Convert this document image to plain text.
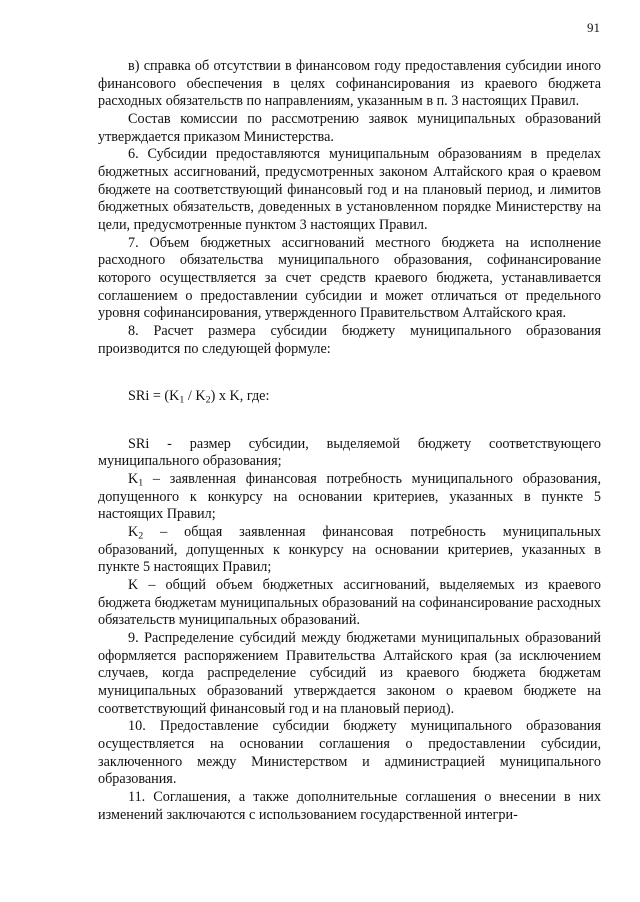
91

в) справка об отсутствии в финансовом году предоставления субсидии иного финансового обеспечения в целях софинансирования из краевого бюджета расходных обязательств по направлениям, указанным в п. 3 настоящих Правил.

Состав комиссии по рассмотрению заявок муниципальных образований утверждается приказом Министерства.

6. Субсидии предоставляются муниципальным образованиям в пределах бюджетных ассигнований, предусмотренных законом Алтайского края о краевом бюджете на соответствующий финансовый год и на плановый период, и лимитов бюджетных обязательств, доведенных в установленном порядке Министерству на цели, предусмотренные пунктом 3 настоящих Правил.

7. Объем бюджетных ассигнований местного бюджета на исполнение расходного обязательства муниципального образования, софинансирование которого осуществляется за счет средств краевого бюджета, устанавливается соглашением о предоставлении субсидии и может отличаться от предельного уровня софинансирования, утвержденного Правительством Алтайского края.

8. Расчет размера субсидии бюджету муниципального образования производится по следующей формуле:

SRi = $(K_1 / K_2)$ x K, где:

SRi - размер субсидии, выделяемой бюджету соответствующего муниципального образования;

$K_1$ – заявленная финансовая потребность муниципального образования, допущенного к конкурсу на основании критериев, указанных в пункте 5 настоящих Правил;

$K_2$ – общая заявленная финансовая потребность муниципальных образований, допущенных к конкурсу на основании критериев, указанных в пункте 5 настоящих Правил;

K – общий объем бюджетных ассигнований, выделяемых из краевого бюджета бюджетам муниципальных образований на софинансирование расходных обязательств муниципальных образований.

9. Распределение субсидий между бюджетами муниципальных образований оформляется распоряжением Правительства Алтайского края (за исключением случаев, когда распределение субсидий из краевого бюджета бюджетам муниципальных образований утверждается законом о краевом бюджете на соответствующий финансовый год и на плановый период).

10. Предоставление субсидии бюджету муниципального образования осуществляется на основании соглашения о предоставлении субсидии, заключенного между Министерством и администрацией муниципального образования.

11. Соглашения, а также дополнительные соглашения о внесении в них изменений заключаются с использованием государственной интегри-
